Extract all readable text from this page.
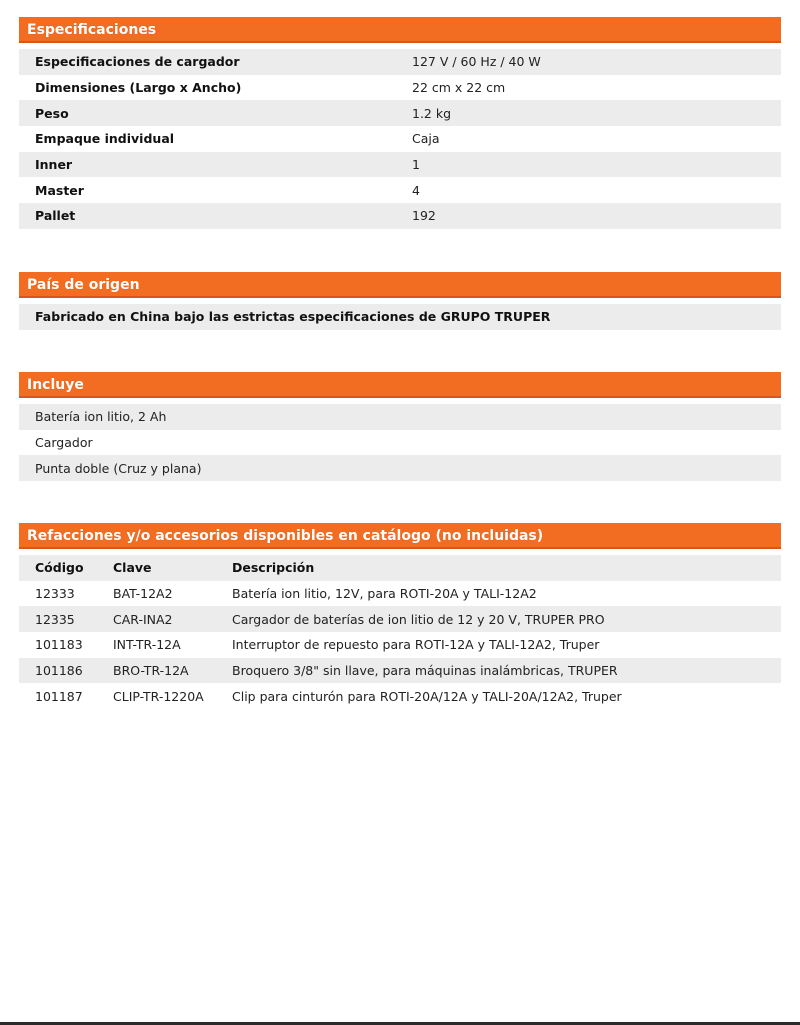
Especificaciones
Especificaciones de cargador	127 V / 60 Hz / 40 W
Dimensiones (Largo x Ancho)	22 cm x 22 cm
Peso	1.2 kg
Empaque individual	Caja
Inner	1
Master	4
Pallet	192
País de origen
Fabricado en China bajo las estrictas especificaciones de GRUPO TRUPER
Incluye
Batería ion litio, 2 Ah
Cargador
Punta doble (Cruz y plana)
Refacciones y/o accesorios disponibles en catálogo (no incluidas)
Código	Clave	Descripción
12333	BAT-12A2	Batería ion litio, 12V, para ROTI-20A y TALI-12A2
12335	CAR-INA2	Cargador de baterías de ion litio de 12 y 20 V, TRUPER PRO
101183	INT-TR-12A	Interruptor de repuesto para ROTI-12A y TALI-12A2, Truper
101186	BRO-TR-12A	Broquero 3/8" sin llave, para máquinas inalámbricas, TRUPER
101187	CLIP-TR-1220A	Clip para cinturón para ROTI-20A/12A y TALI-20A/12A2, Truper
